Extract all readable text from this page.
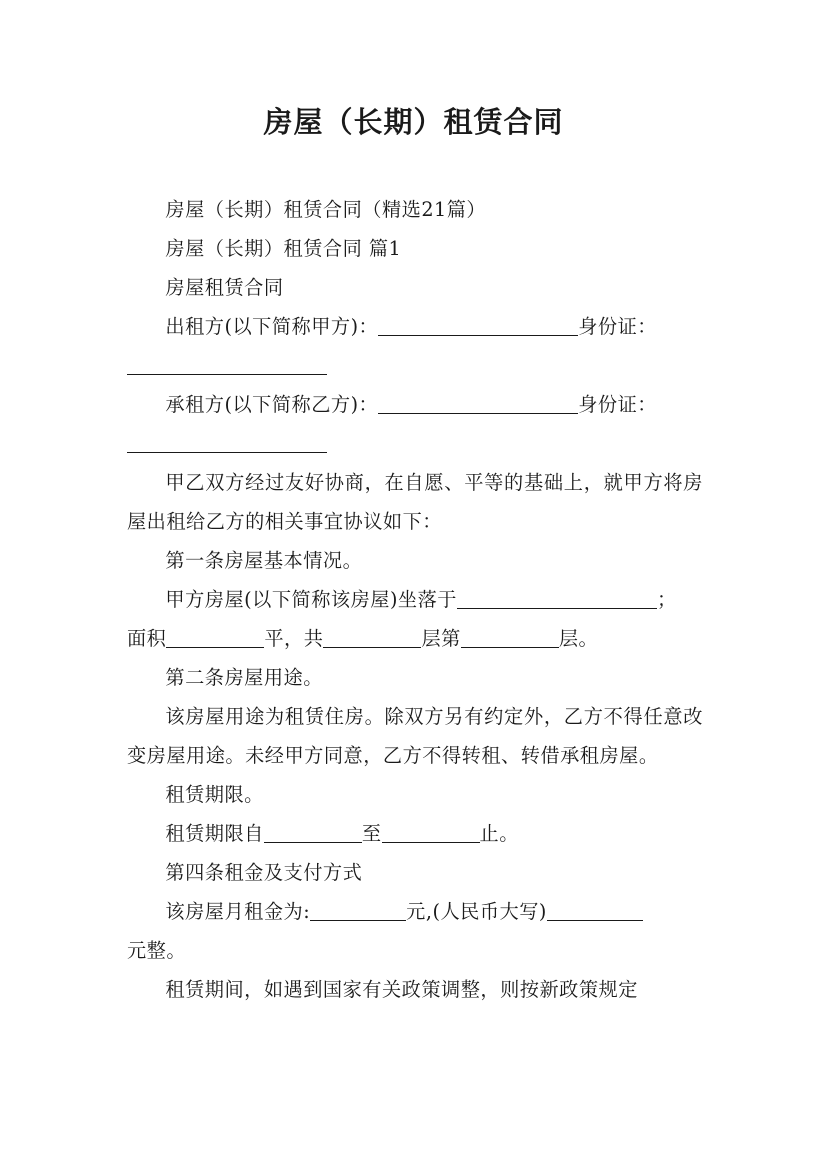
房屋（长期）租赁合同

房屋（长期）租赁合同（精选21篇）

房屋（长期）租赁合同 篇1

房屋租赁合同

出租方(以下简称甲方)：	身份证：

承租方(以下简称乙方)：	身份证：

甲乙双方经过友好协商，在自愿、平等的基础上，就甲方将房屋出租给乙方的相关事宜协议如下：

第一条房屋基本情况。

甲方房屋(以下简称该房屋)坐落于	；

面积	平，共	层第	层。

第二条房屋用途。

该房屋用途为租赁住房。除双方另有约定外，乙方不得任意改变房屋用途。未经甲方同意，乙方不得转租、转借承租房屋。

租赁期限。

租赁期限自	至	止。

第四条租金及支付方式

该房屋月租金为:	元,(人民币大写)

元整。

租赁期间，如遇到国家有关政策调整，则按新政策规定
